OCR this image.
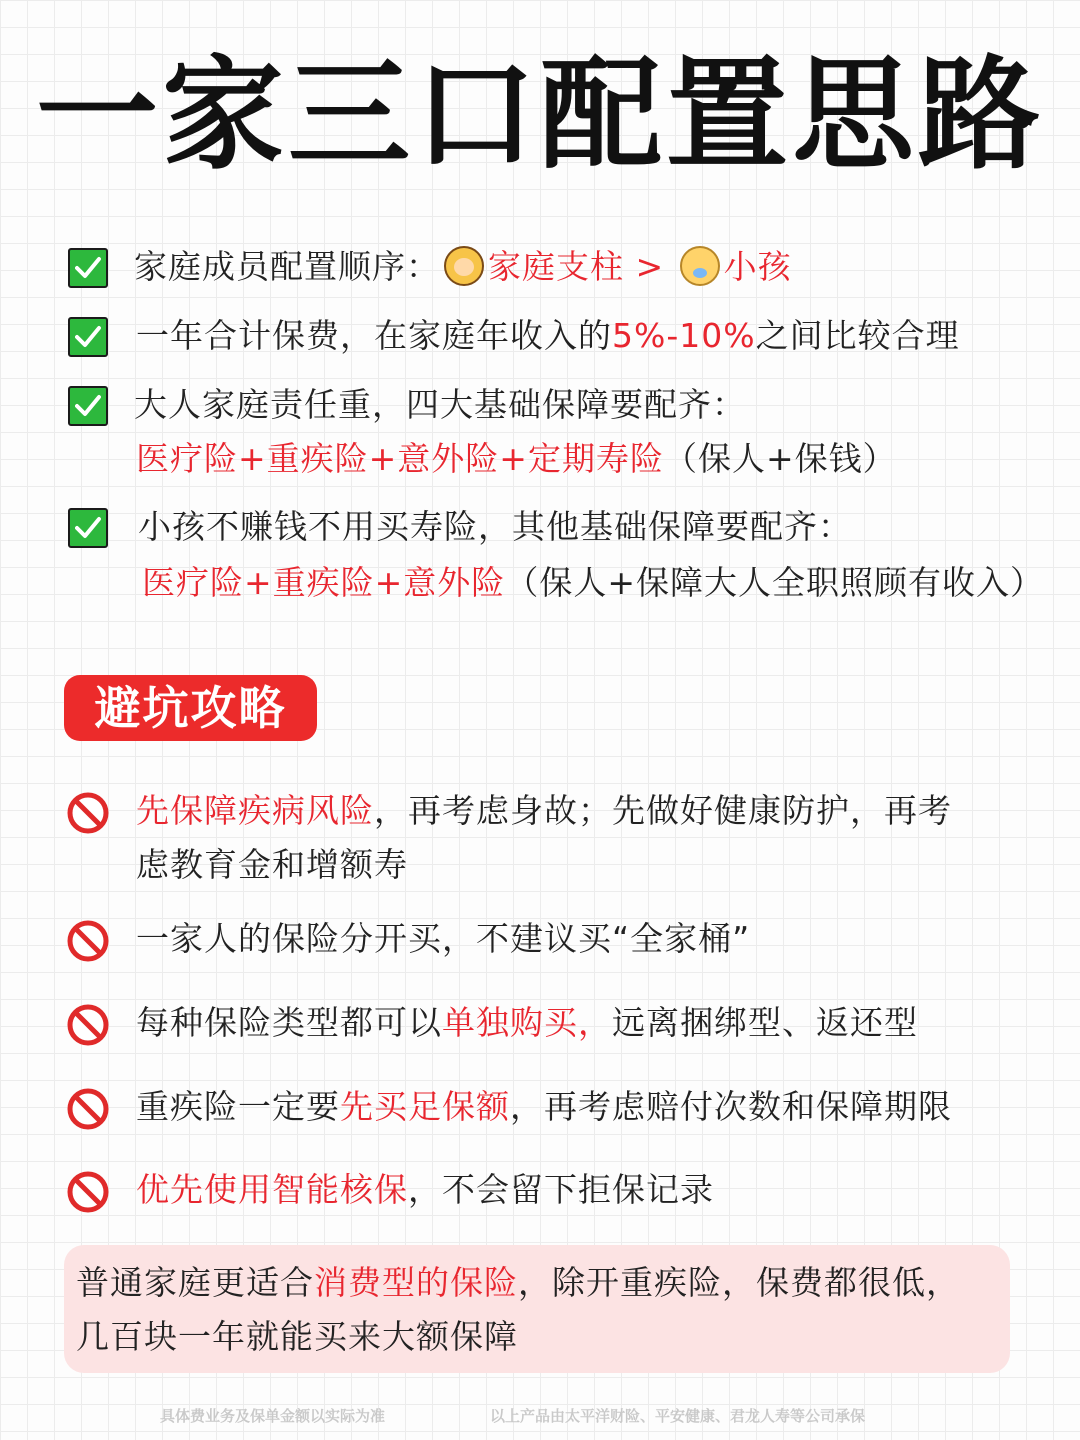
一家三口配置思路
家庭成员配置顺序： 家庭支柱 > 小孩
一年合计保费，在家庭年收入的5%-10%之间比较合理
大人家庭责任重，四大基础保障要配齐：
医疗险+重疾险+意外险+定期寿险（保人+保钱）
小孩不赚钱不用买寿险，其他基础保障要配齐：
医疗险+重疾险+意外险（保人+保障大人全职照顾有收入）
避坑攻略
先保障疾病风险，再考虑身故；先做好健康防护，再考
虑教育金和增额寿
一家人的保险分开买，不建议买“全家桶”
每种保险类型都可以单独购买，远离捆绑型、返还型
重疾险一定要先买足保额，再考虑赔付次数和保障期限
优先使用智能核保，不会留下拒保记录
普通家庭更适合消费型的保险，除开重疾险，保费都很低，
几百块一年就能买来大额保障
具体费业务及保单金额以实际为准	以上产品由太平洋财险、平安健康、君龙人寿等公司承保
